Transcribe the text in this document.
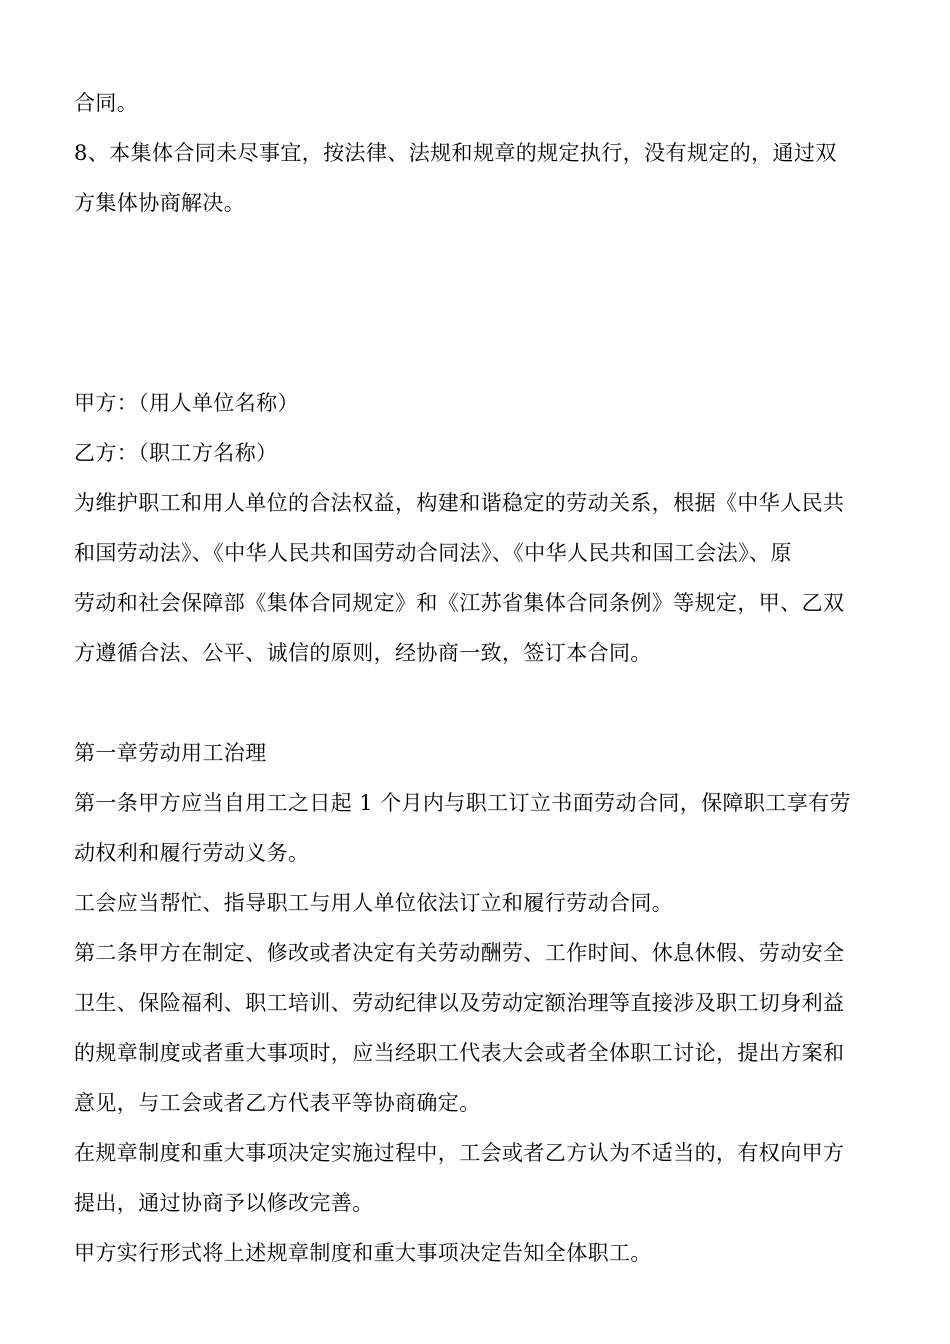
合同。
8、本集体合同未尽事宜，按法律、法规和规章的规定执行，没有规定的，通过双
方集体协商解决。
甲方：（用人单位名称）
乙方：（职工方名称）
为维护职工和用人单位的合法权益，构建和谐稳定的劳动关系，根据《中华人民共
和国劳动法》、《中华人民共和国劳动合同法》、《中华人民共和国工会法》、原
劳动和社会保障部《集体合同规定》和《江苏省集体合同条例》等规定，甲、乙双
方遵循合法、公平、诚信的原则，经协商一致，签订本合同。
第一章劳动用工治理
第一条甲方应当自用工之日起 1 个月内与职工订立书面劳动合同，保障职工享有劳
动权利和履行劳动义务。
工会应当帮忙、指导职工与用人单位依法订立和履行劳动合同。
第二条甲方在制定、修改或者决定有关劳动酬劳、工作时间、休息休假、劳动安全
卫生、保险福利、职工培训、劳动纪律以及劳动定额治理等直接涉及职工切身利益
的规章制度或者重大事项时，应当经职工代表大会或者全体职工讨论，提出方案和
意见，与工会或者乙方代表平等协商确定。
在规章制度和重大事项决定实施过程中，工会或者乙方认为不适当的，有权向甲方
提出，通过协商予以修改完善。
甲方实行形式将上述规章制度和重大事项决定告知全体职工。
